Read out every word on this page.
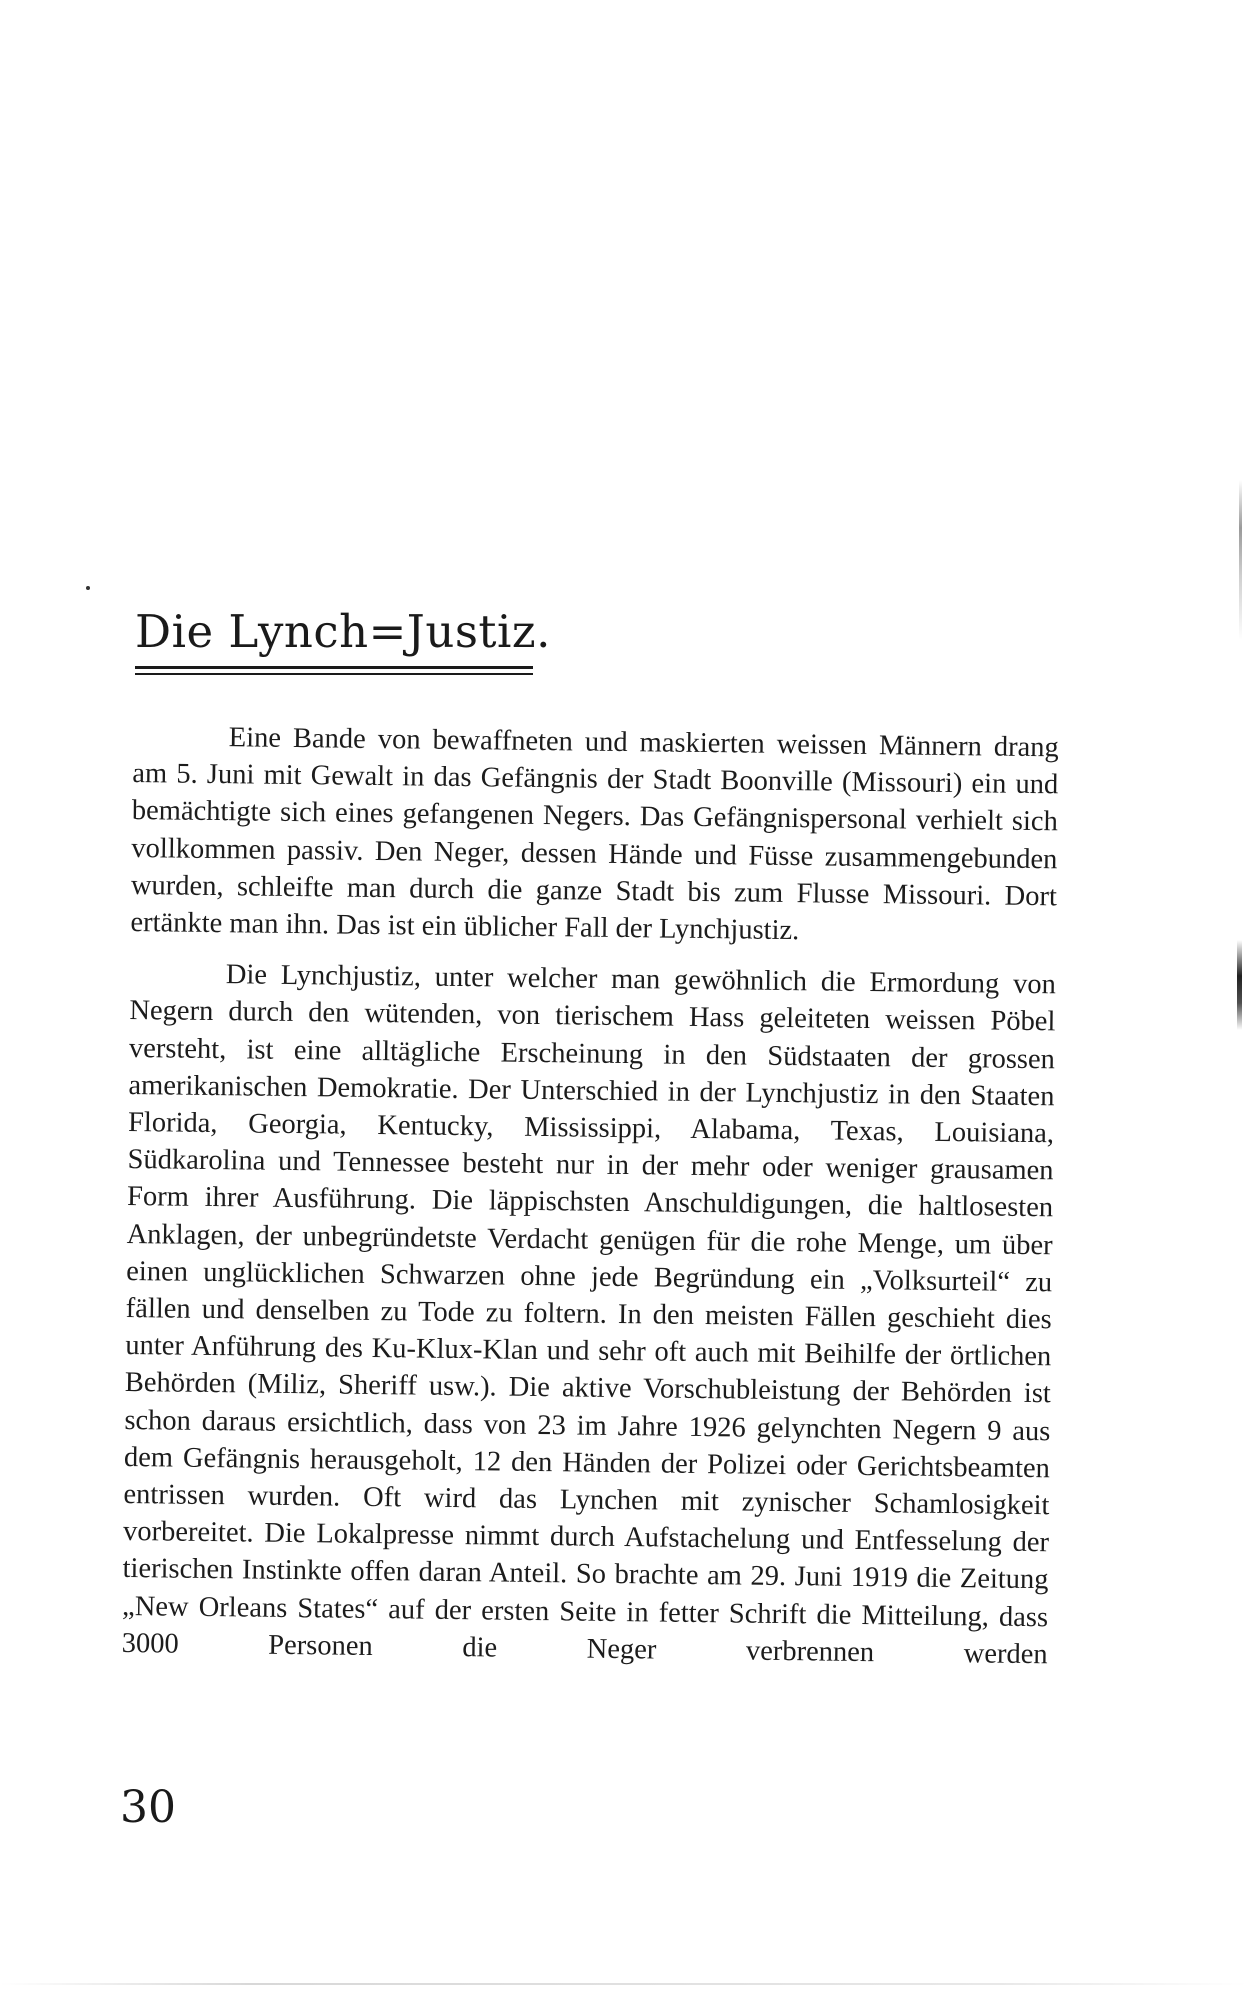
Die Lynch=Justiz.

Eine Bande von bewaffneten und maskierten weissen Männern drang am 5. Juni mit Gewalt in das Gefängnis der Stadt Boonville (Missouri) ein und bemächtigte sich eines gefangenen Negers. Das Gefängnispersonal verhielt sich vollkommen passiv. Den Neger, dessen Hände und Füsse zusammengebunden wurden, schleifte man durch die ganze Stadt bis zum Flusse Missouri. Dort ertänkte man ihn. Das ist ein üblicher Fall der Lynchjustiz.

Die Lynchjustiz, unter welcher man gewöhnlich die Ermordung von Negern durch den wütenden, von tierischem Hass geleiteten weissen Pöbel versteht, ist eine alltägliche Erscheinung in den Südstaaten der grossen amerikanischen Demokratie. Der Unterschied in der Lynchjustiz in den Staaten Florida, Georgia, Kentucky, Mississippi, Alabama, Texas, Louisiana, Südkarolina und Tennessee besteht nur in der mehr oder weniger grausamen Form ihrer Ausführung. Die läppischsten Anschuldigungen, die haltlosesten Anklagen, der unbegründetste Verdacht genügen für die rohe Menge, um über einen unglücklichen Schwarzen ohne jede Begründung ein „Volksurteil“ zu fällen und denselben zu Tode zu foltern. In den meisten Fällen geschieht dies unter Anführung des Ku-Klux-Klan und sehr oft auch mit Beihilfe der örtlichen Behörden (Miliz, Sheriff usw.). Die aktive Vorschubleistung der Behörden ist schon daraus ersichtlich, dass von 23 im Jahre 1926 gelynchten Negern 9 aus dem Gefängnis herausgeholt, 12 den Händen der Polizei oder Gerichtsbeamten entrissen wurden. Oft wird das Lynchen mit zynischer Schamlosigkeit vorbereitet. Die Lokalpresse nimmt durch Aufstachelung und Entfesselung der tierischen Instinkte offen daran Anteil. So brachte am 29. Juni 1919 die Zeitung „New Orleans States“ auf der ersten Seite in fetter Schrift die Mitteilung, dass 3000 Personen die Neger verbrennen werden

30
